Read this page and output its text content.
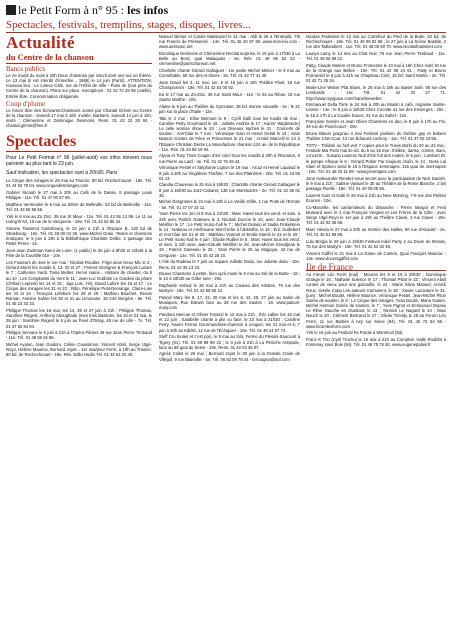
le Petit Form à n° 95 : les infos
Spectacles, festivals, tremplins, stages, disques, livres...
Actualité
du Centre de la chanson
Bancs publics

Le 2e mardi du mois à 20h Deux chansons par inscrit dont une sur un thème. Le 13 mai (il est interdit d'interdire... 1968) le 14 juin (Partir). ATTENTION, nouveau lieu : Le Loleva Café, rue de l'Hôtel de Ville - Paris 4e (tout près du Centre de la chanson). Plans sur place. Inscriptions : 01 42 72 28 99 (Joëlle). Entrée libre. Consommation obligatoire.

Coup d'plume

Le forum libre des Écrivants-Chanteurs animé par Chantal Grimm au Centre de la chanson : samedi 17 mai à 16h, invitée, Barbarie. samedi 14 juin à 16h, invité : Clémentine et Dominique Desmons. Rens. 01 43 22 30 84 - chantal.grimm@free.fr

Spectacles
Pour Le Petit Format n° 96 (juillet-août) vos infos doivent nous parvenir au plus tard le 23 juin.
Sauf indication, les spectacles sont à 20h30. Paris

Le Cirque des mirages le 29 mai au Trianon. 80 bd. Rochechouart - 18e. Tél. 01 44 92 78 04. www.cirquedesmirages.com

Gabriel Yacoub le 27 mai à 20h au Café de la Danse. 5 passage Louis Philippe - 11e. Tél. 01 47 00 57 59.

Matthieu Vermeulen le 6 mai au Zèbre de Belleville. 63 bd de Belleville - 11e. Tél. 01 43 55 55 55.

Yéti le 9 mai au Zo Zinc. 39 rue St Maur - 11e. Tél. 01 43 55 13 99. Le 11 au Living B'Art, 15 rue de la Vacquerie - 18e. Tél. 01 42 52 85 34.

Simone Tassimot Gainsbourg, le 24 juin à 21h à l'Espace B. 120 bd de Strasbourg - 10e. Tél. 01 48 00 04 35. www.Michel Grain. Textes et chansons érotiques, le 5 juin à 19h à la Bibliothèque Charlotte Delbo. 2 passage des Petits Pères - 2e.

Jean-Jean Zantman Kami de Lune. (L public) le 26 juin à 9h30 et 10h45 à la Fête de la Courtille 01e - 10e.

Les Fouteurs de Joie le 1er mai ; Nicolas Roudier. Frigo-Jean Deux Mic le 2 ; Gérard Morel les mardis 6, 13, 20 et 27 ; Florent Vintrigner & François Lazare le 7 ; Catherine Vardi. Tania Meltes. Hervé Haine... Histoire de chanter, du 8 au 10 ; Les Complaints du Vent le 11 ; Jean-Luc Guillotin Le Gardien du phare (d'Allain Leprest) les 14 et 15 ; Jaja Luis, Yéti, David Lafore les 16 et 17 ; Le Cirque des mirages les 21 et 22 ; Ribo. Pénélope Petit-Demange, Claire-Lise les 23 et 24 ; François Lefebvre les 28 et 29 ; Mathieu Bouchet. Renan Raman, Antoine Sahler les 30 et 31 au Limonaire. 18 Cité Bergère - 9e. Tél. 01 45 23 33 33.

Philippe Thomas les 16 mai, les 14, 25 et 27 juin à 21h ; Philippe Thomas, Sandrine Régent, Anthony Aboughade (mes trois Bassons, les 20 et 24 mai, le 28 juin : Sandrine Régent le 6 juin au Pavé d'Orsay, 48 rue de Lille - 7e. Tél. 01 47 50 84 94.

Philippe Servane le 6 juin à 21h à l'Opéra Pâmes 49 rue Jean Pierre Timbaud - 11e. Tél. 01 48 06 04 86.

Michel Avalon, Jean Guidoni, Céline Caussimon, Vincent Absil, Serge Utgé-Royo, Hélène Maurice, Bernard Joyet... 1er mai/pour Ferré, à 19h au Trianon. 80 bd. de Rochechouart - 18e. Rés. Edlio Hudin Tél. 01 43 52 20 40.

Manuel Bémer et Carole Masseport le 21 mai ; Aldi le 28 à l'Entrepôt, 7/9 rue Francis de Préssensé - 14e. Tél. 01 45 40 07 50. www.mon-lou.com - www.aelmusic.net

Dominique Desmons et Clémentine Recital surprise, le 15 juin à 17h30 à La Belle au Bord, quai Malaquais - 6e. Rés. 01 48 06 52 22 - clementine@parischanson.net.

Charlotte chante Gérard Gallaguet - 1re partie Michel Melcer - le 9 mai au Connétable, 55 rue des Archives - 3e. Tél. 01 42 77 41 40.

Jean David les 4, 11 mai, 1er, 8 et 15 juin à 19h Théâtre Pixel, 18 rue Championnet - 18e. Tél. 01 42 54 00 92.

Ka le 17 mai au Zo-Zinc, 39 rue Saint Maur - 11e ; le 24 au Ribos, 18 rue Sainte Marthe - 10e.

Alaine le 9 juin au Théâtre du Gymnase, 38 bd. Bonne nouvelle - 2e ; le 21 juin sur la place d'Italie - 13e.

Taki le 2 mai ; Elise Belmont le 9 ; Cyrill Galli tous les lundis de mai ; Caroline Petty Gourmand le 16 ; Juliette Andréa le 17 ; Karim' Wa(detecte) Le celle woman show le 24 ; Les Oiseaux Vaches le 31 : Concerts de soutien : Ann'Clair le 7 mai ; Véronique Gain et Hervé Delatt le 14 ; Alain Mascot Contes de Fées et Princesses le 21 mai ; Arnold Marcelli le 24 à l'Espace Christian Dente La Manufacture chanson,124 av. de la République - 11e. Rés. 01 43 58 19 94.

Alycia et Tony Tram Coupin d'sel coin! tous les mardis à 20h à l'Escalion, 6 rue Pierre au Lard - 4e. Tél. 01 42 78 48 42.

Véronique Pestel et Stéphanie Lignon le 19 mai ; Alcaz et Hervé Lapalud le 9 juin à 20h au Vingtième Théâtre, 7 rue des Platrières - 20e. Tél. 01 43 66 01 13.

Claudia Chauveau le 25 mai à 16h30 ; Charlotte chante Gérard Gallaguet le 8 juin à 16h30 au Jazz-Cabaret, 138 rue Montmartre - 2e. Tél. 01 42 36 01 36.

Michel Desgroses le 24 mai à 18h à La Vieille Grille, 1 rue Puits de l'Ermite - 5e. Tél. 01 47 07 22 11.

Yann Pierre les 1er et 8 mai à 21h30 ; Marc Havet tous les vend. et sam. à 22h avec Patrick Gateweu le 3, Nicolas Ducros le 10, avec Jean-Claude Mérillon le 17 ; Le Petit music-hall le 7 ; Michel Delano et Nadia Finkelstein le 14 ; Isabeau et Amélouane Mot'chiche à l'absinthe, le 15 ; Éric Guillebert et Ann'Clair les 21 et 28 ; Matthieu Vionnet et Emilie Marsh le 22 et le 29 ; Le Petit music-hall le 4 juin ; Élodie Ruillier le 5 ; Marc Havet tous les vend. et sam. à 22h avec Jean-Claude Mérillon le 28, Jean-Michel Grandjean le 19 ; Patrick Gateweu le 25 ; Yann Pierre le 26 au Magique, 42 rue de Gergovie - 14e. Tél. 01 45 42 26 10.

L'Aile du Radeau le 7 juin au Square Juliette Dodu, rue Juliette dodu - 10e. Rens. 01 42 45 13 33.

Duaux Chansons à petite, bien qu'à muse le 6 mai au Sel de la Butte - 18 ; le 12 à 18h30 au Göbe lune - 20e.

Raphaële Selwal le 30 mai à 21h au Caveau des Artistes, 79 rue des Martyrs - 18e. Tél. 01 42 59 50 43.

Pascal Mary les 8, 17, 23, 30 mai et les 6, 12, 20, 27 juin au Salon de Musiques, Rue Darwin face au 38 rue des Saules - 18. www.pascal-mary.com

Pandora Mercas et Olivier Fantazi le 12 mai à 21h ; Éric Lallier les 16 mai et 13 juin ; Salabelle chante à plie ou face, le 23 mai à 21h30 ; Caroline Ferry, Xavier Ferran Gourmandises-chanson à croquer, les 31 mai et 6, 7 juin à 20h au Kibélé, 12 rue de l'Échiquier - 10e. Tél. 01 48 24 57 74.

Steff Cru toutes et c'est p(e), le 9 mai au Silo, Ferme du Plessis-Saucourt à Tigery (91). Tél. 01 69 89 88 22 ; le 3 juin à 21h à La Péniche Antipode, face au 69 quai de Seine - 19e. Rens. 01 42 03 39 07.

Agnès Collet le 26 mai ; Bernard Joyet le 30 juin à la Grande Claire de Villejuif, 9 rue Blainville - 5e. Tél. 06 83 09 78 34 - terraugiva@aol.com

Nicolas Fraissinet le 13 mai au Carrefour du Pied de la Butte, 62 bd. de Rochechouart - 18e. Tél. 01 46 06 02 86 ; le 27 juin à La Scène Bastille, 2 rue des Taillandiers - 11e. Tél. 01 48 06 50 70. www.nicolasfraissinet.com

Laurya Lamy le 14 mai au Chat Noir, 76 rue Jean Pierre Timbaud - 11e. Tél. 01 48 06 98 22.

Patty, Claude Marère et Bruno Fromentel le 10 mai à 16h Chez Adel 10 rue de la Grange aux Belles - 10e. Tél. 01 42 08 24 61 ; Patty et Bruno Fromentel le 6 juin à 21h au Chapiteau Ciné, 15 bd. Saint Martin - 3e. Tél. 01 42 71 25 34.

Marie-Line Weber Plat Blues, le 26 mai à 19h au Baiser Salé, 58 rue des Lombards - 1er. Tél. 01 42 33 37 71. http://www.myspace.com/marielineweber

Emmanuel Delta Torre le 24 mai à 20h au Moulin à café, Impasse Sainte-Léonie - 14e ; le 8 juin à 18h30 Chez Cocotte 41 rue des Envierges - 20e ; le 15 à 17h à La Coulée Douce, 51 rue du Sahel - 12e.

Françoise Semler et Jean Olivet Chansons en duo, le 8 juin à 17h au Flo, 49 rue de Pixerécourt - 20e.

Bruno Blaum jusqu'au 4 mai Festival parisien du théâtre gay et lesbien Théâtre CNA Cour, 12 rue Édouard Lockroy - 11e. Tél. 01 47 00 43 55.

TOTV - Théâtre ou l'art vert 7 copies pour le Travis Bürki du 20 au 22 mai ; Festival Mai Paris mai 2e éd. du 5 au 16 mai : théâtre, danse, contes, slam, concerts... Susana Laurenz Nuit d'été fuit des Andes, le 5 juin ; Lambert Dl, le pompe Afrique le 6 ; Gérard Pobor Par toujours chaîn, le 14 ; Nose Lal Slam et Spoken word le 15 à l'Espace Jemmapes, 116 quai de Jemmapes - 10e. Tél. 01 48 03 11 09 - www.jemmapes.com

Jann Halexander Rendez-vous secret avec la participation de Nick Danish, le 9 mai à 21h ; Sabine Vassart le 30 au Théâtre de la Reine Blanche, 2 bis passage Ruelle - 18e. Tél. 01 40 05 06 96.

Laurent Guiz et Gabi le 26 mai à 21h au New Morning, 7-9 rue des Petites Écuries - 10e.

Co-Marcelle, les cambrioleurs du dimanche : Pierre Margot et Fred Mussard avec le 4 mai François Vergeot et Les Frères de la Côte ; avec Serge Utgé-Royo le 1er juin à 19h au Théâtre Clavel, 3 rue Clavel - 19e. Tél. 01 42 02 35 66.

Marc Hévéa le 27 mai à 20h au Sentier des Halles, 50 rue d'Aboukir - 2e. Tél. 01 45 61 89 86.

Lulu Borgia le 26 juin à 19h30 Festival Kalel Party 2 au Divan du Monde, 75 rue des Martyrs - 18e. Tél. 01 42 52 02 46.

Vincent Gaffet le 21 mai à La Dame de Canton, Quai François Mauriac - 13e. www.vincentgaffet.com

Ile de France

Au Forum Léo Ferré (mai) : Mouron les 9 et 10 à 20h30 ; Dominique Grange le 16 ; Nathalie Solence le 17 ; Thomas Pitiot le 23 ; Vincent Absil contes de vieux pour une gazouille, le 24 ; Marie Silvia Manuel, Annick Roux, Gisèle Cuba Les auteurs s'amusent, le 30 ; Xavier Lacouture le 31. (juin) : Michel Boutet, Hélène Maurice, Véronique Pestel, Jean-Michel Piton Soirée de soutien, le 6 ; Le Cirque des mirages, Yvan Dautin, Manu Galure, Michel Hermon Soirée de soutien, le 7 ; Yves Pignot et Emmanuel Depoix Le Rêve Gauche en chantant, le 13 ; Yannick Le Nagard le 14 ; Maxi Nouch le 20 ; Clément Bertrand le 27 ; Olivier Trévidy le 28 au Forum Léo Ferré, 11 rue Barbès à Ivry sur Seine (94). Tél. 01 46 72 64 68 - www.forumleoferre.com

Yéti le 16 juin au Festival Fa Parole à Montreuil (93).

Franz K Trio (Cyril Trochu) le 16 mai à 21h au Comptoir, Halle Roublot à Fontenay sous Bois (94). Tél. 01 48 75 76 92. www.eugenepalais.fr
